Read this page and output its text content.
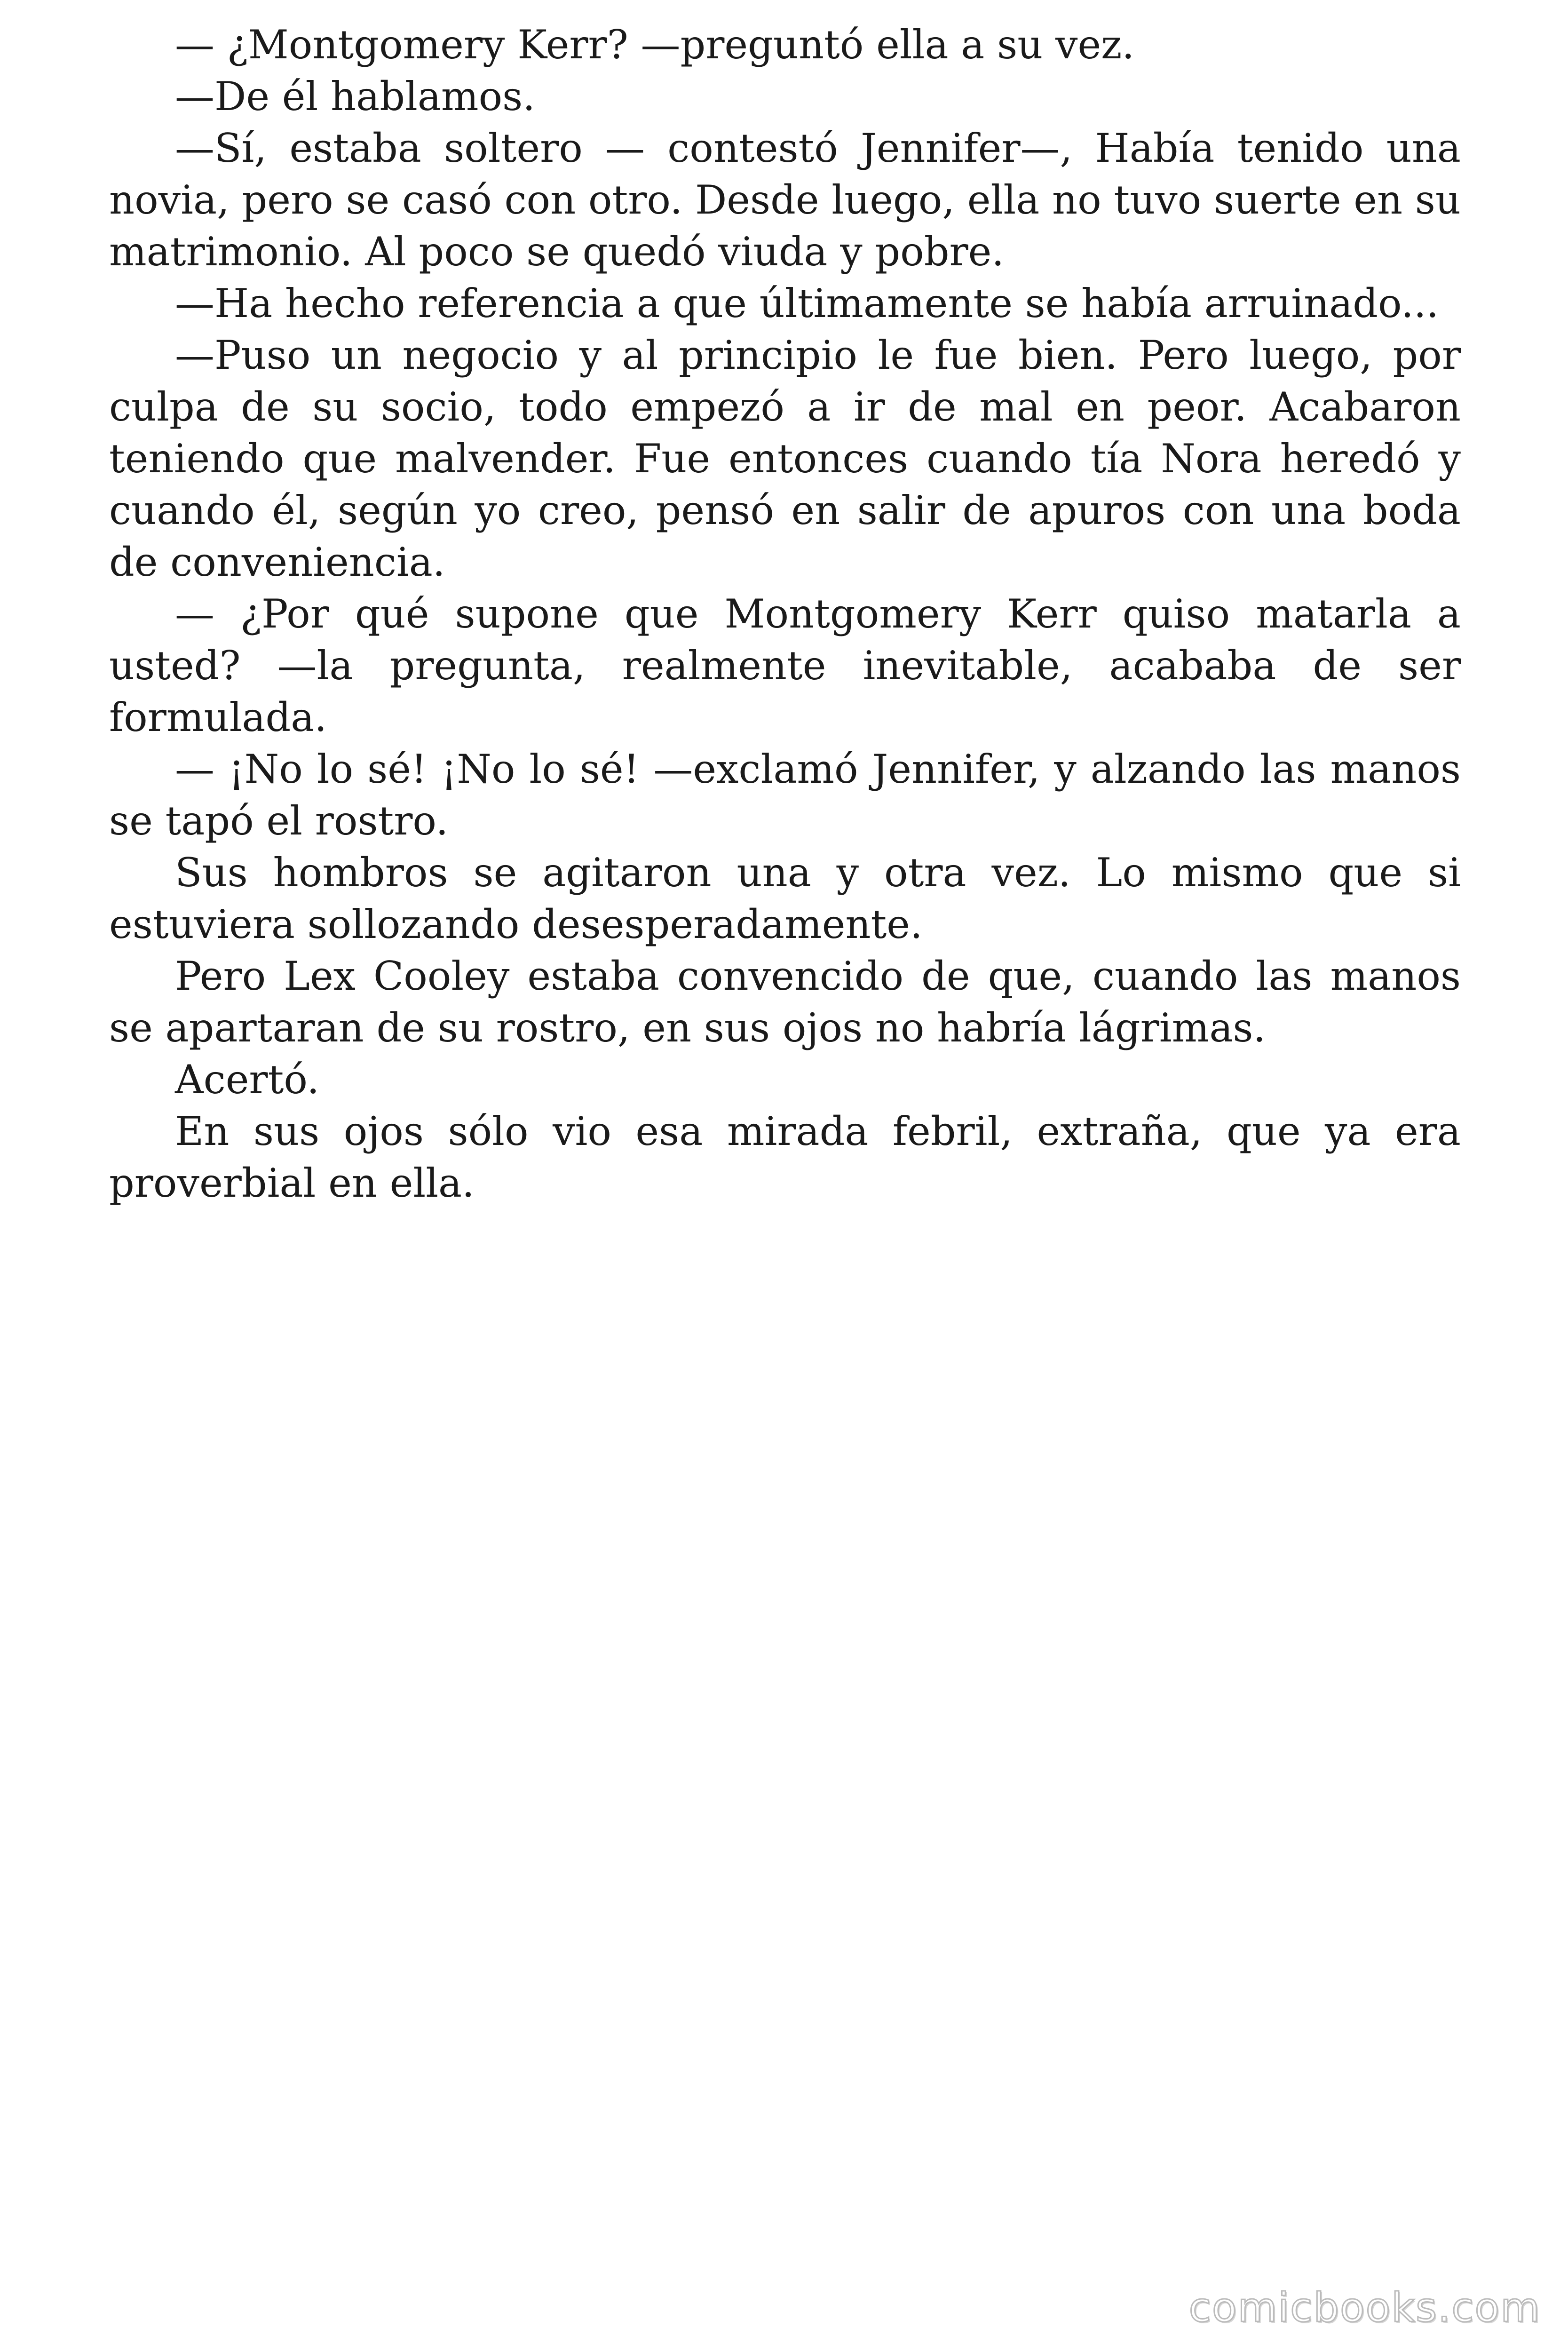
— ¿Montgomery Kerr? —preguntó ella a su vez.

—De él hablamos.

—Sí, estaba soltero — contestó Jennifer—, Había tenido una novia, pero se casó con otro. Desde luego, ella no tuvo suerte en su matrimonio. Al poco se quedó viuda y pobre.

—Ha hecho referencia a que últimamente se había arruinado...

—Puso un negocio y al principio le fue bien. Pero luego, por culpa de su socio, todo empezó a ir de mal en peor. Acabaron teniendo que malvender. Fue entonces cuando tía Nora heredó y cuando él, según yo creo, pensó en salir de apuros con una boda de conveniencia.

— ¿Por qué supone que Montgomery Kerr quiso matarla a usted? —la pregunta, realmente inevitable, acababa de ser formulada.

— ¡No lo sé! ¡No lo sé! —exclamó Jennifer, y alzando las manos se tapó el rostro.

Sus hombros se agitaron una y otra vez. Lo mismo que si estuviera sollozando desesperadamente.

Pero Lex Cooley estaba convencido de que, cuando las manos se apartaran de su rostro, en sus ojos no habría lágrimas.

Acertó.

En sus ojos sólo vio esa mirada febril, extraña, que ya era proverbial en ella.

comicbooks.com
